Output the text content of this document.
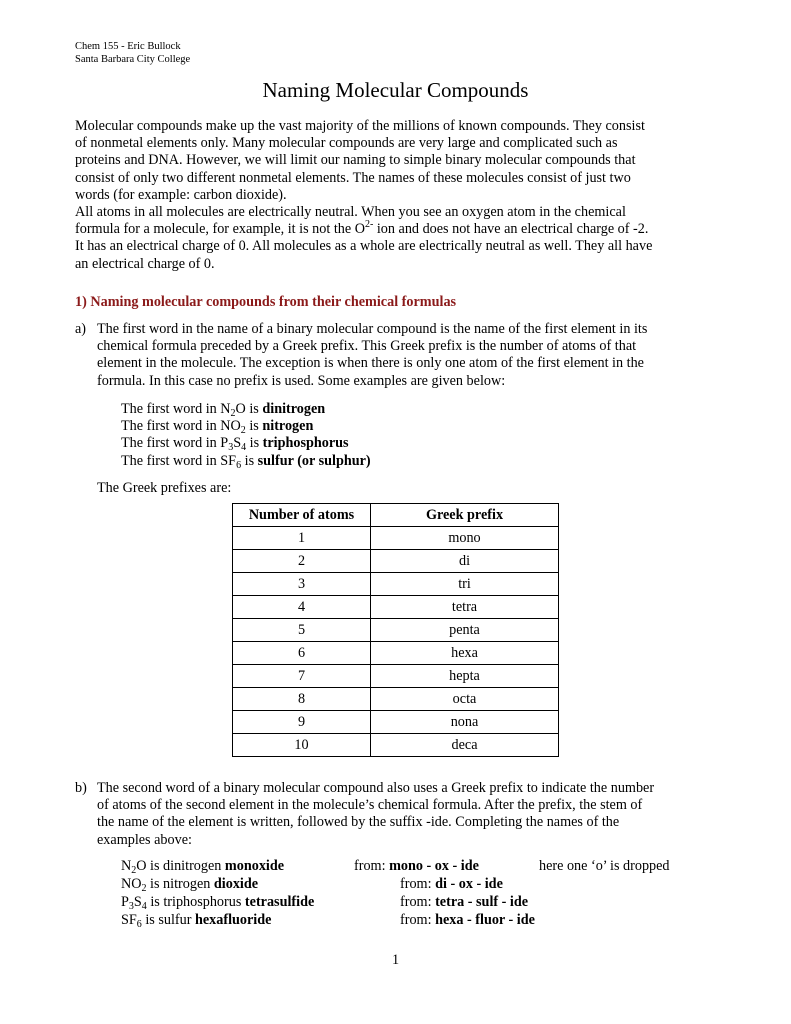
Chem 155 - Eric Bullock
Santa Barbara City College
Naming Molecular Compounds
Molecular compounds make up the vast majority of the millions of known compounds. They consist
of nonmetal elements only. Many molecular compounds are very large and complicated such as
proteins and DNA. However, we will limit our naming to simple binary molecular compounds that
consist of only two different nonmetal elements. The names of these molecules consist of just two
words (for example: carbon dioxide).
All atoms in all molecules are electrically neutral. When you see an oxygen atom in the chemical
formula for a molecule, for example, it is not the $O^{2-}$ ion and does not have an electrical charge of -2.
It has an electrical charge of 0. All molecules as a whole are electrically neutral as well. They all have
an electrical charge of 0.
1) Naming molecular compounds from their chemical formulas
a) The first word in the name of a binary molecular compound is the name of the first element in its
chemical formula preceded by a Greek prefix. This Greek prefix is the number of atoms of that
element in the molecule. The exception is when there is only one atom of the first element in the
formula. In this case no prefix is used. Some examples are given below:
The first word in $N_2O$ is dinitrogen
The first word in $NO_2$ is nitrogen
The first word in $P_3S_4$ is triphosphorus
The first word in $SF_6$ is sulfur (or sulphur)
The Greek prefixes are:
Number of atoms	Greek prefix
1	mono
2	di
3	tri
4	tetra
5	penta
6	hexa
7	hepta
8	octa
9	nona
10	deca
b) The second word of a binary molecular compound also uses a Greek prefix to indicate the number
of atoms of the second element in the molecule’s chemical formula. After the prefix, the stem of
the name of the element is written, followed by the suffix -ide. Completing the names of the
examples above:
$N_2O$ is dinitrogen monoxide	from: mono - ox - ide	here one ‘o’ is dropped
$NO_2$ is nitrogen dioxide	from: di - ox - ide
$P_3S_4$ is triphosphorus tetrasulfide	from: tetra - sulf - ide
$SF_6$ is sulfur hexafluoride	from: hexa - fluor - ide
1
